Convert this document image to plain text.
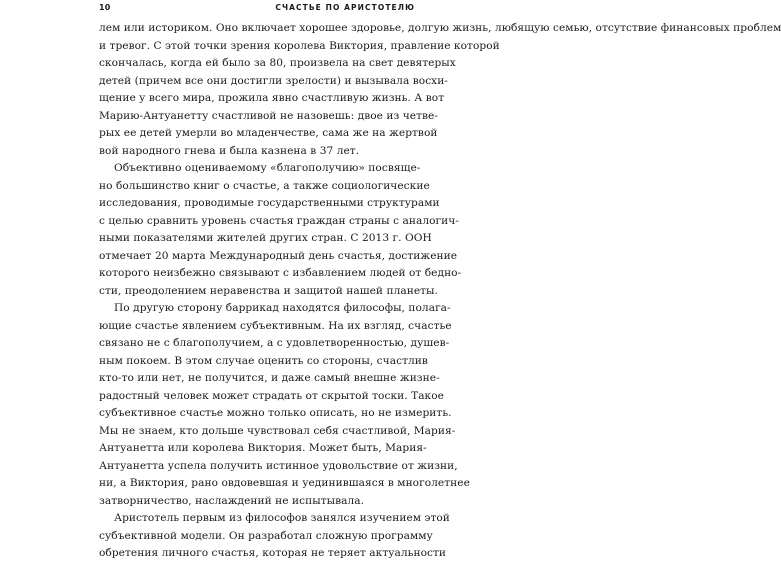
10	СЧАСТЬЕ ПО АРИСТОТЕЛЮ

лем или историком. Оно включает хорошее здоровье, долгую жизнь, любящую семью, отсутствие финансовых проблем
и тревог. С этой точки зрения королева Виктория, правление которой
скончалась, когда ей было за 80, произвела на свет девятерых
детей (причем все они достигли зрелости) и вызывала восхи-
щение у всего мира, прожила явно счастливую жизнь. А вот
Марию-Антуанетту счастливой не назовешь: двое из четве-
рых ее детей умерли во младенчестве, сама же на жертвой
вой народного гнева и была казнена в 37 лет.

Объективно оцениваемому «благополучию» посвяще-
но большинство книг о счастье, а также социологические
исследования, проводимые государственными структурами
с целью сравнить уровень счастья граждан страны с аналогич-
ными показателями жителей других стран. С 2013 г. ООН
отмечает 20 марта Международный день счастья, достижение
которого неизбежно связывают с избавлением людей от бедно-
сти, преодолением неравенства и защитой нашей планеты.

По другую сторону баррикад находятся философы, полага-
ющие счастье явлением субъективным. На их взгляд, счастье
связано не с благополучием, а с удовлетворенностью, душев-
ным покоем. В этом случае оценить со стороны, счастлив
кто-то или нет, не получится, и даже самый внешне жизне-
радостный человек может страдать от скрытой тоски. Такое
субъективное счастье можно только описать, но не измерить.
Мы не знаем, кто дольше чувствовал себя счастливой, Мария-
Антуанетта или королева Виктория. Может быть, Мария-
Антуанетта успела получить истинное удовольствие от жизни,
ни, а Виктория, рано овдовевшая и уединившаяся в многолетнее
затворничество, наслаждений не испытывала.

Аристотель первым из философов занялся изучением этой
субъективной модели. Он разработал сложную программу
обретения личного счастья, которая не теряет актуальности
